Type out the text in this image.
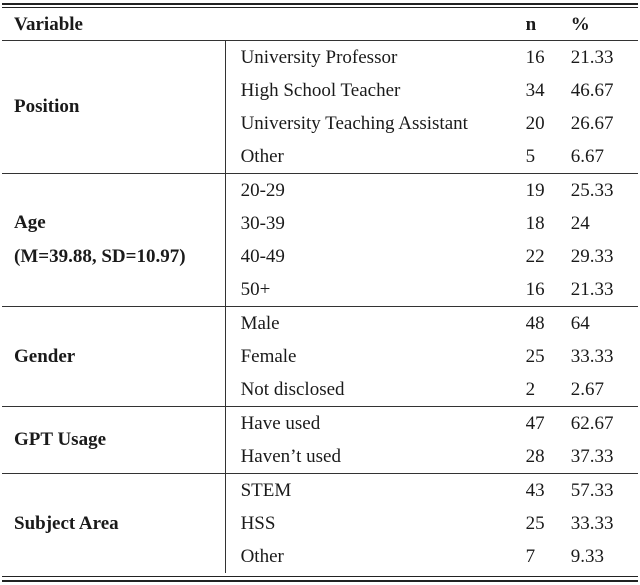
Variable		n	%
Position	University Professor	16	21.33
	High School Teacher	34	46.67
	University Teaching Assistant	20	26.67
	Other	5	6.67
Age
(M=39.88, SD=10.97)	20-29	19	25.33
	30-39	18	24
	40-49	22	29.33
	50+	16	21.33
Gender	Male	48	64
	Female	25	33.33
	Not disclosed	2	2.67
GPT Usage	Have used	47	62.67
	Haven’t used	28	37.33
Subject Area	STEM	43	57.33
	HSS	25	33.33
	Other	7	9.33
